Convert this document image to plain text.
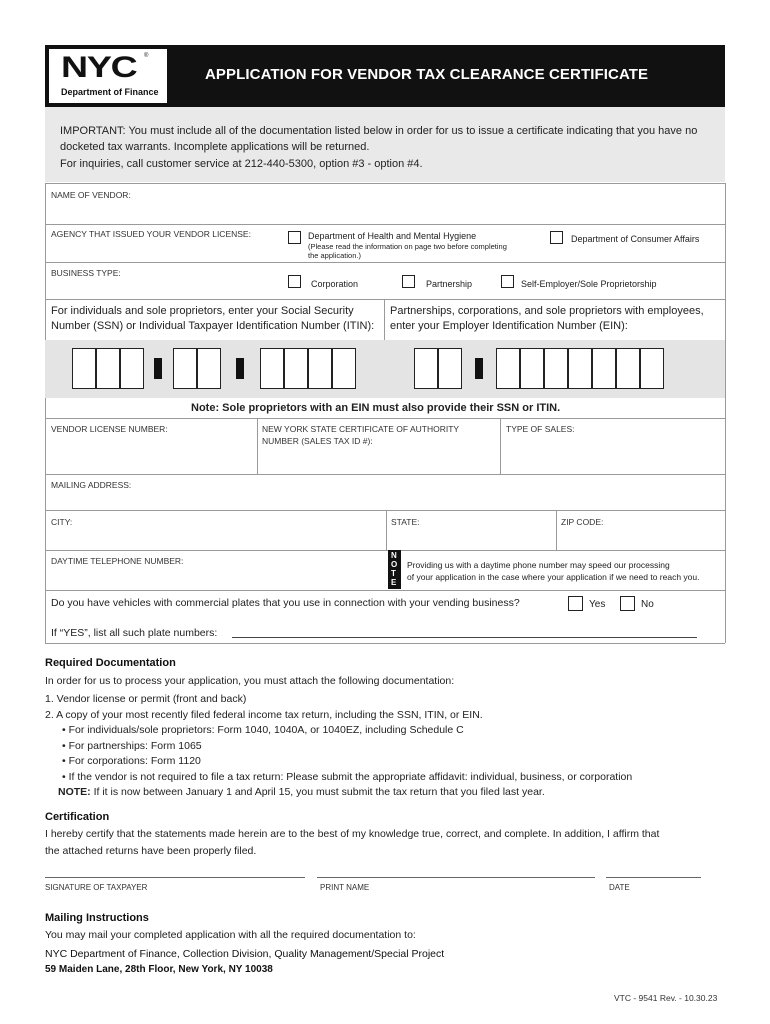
NYC ®
Department of Finance
APPLICATION FOR VENDOR TAX CLEARANCE CERTIFICATE
IMPORTANT: You must include all of the documentation listed below in order for us to issue a certificate indicating that you have no
docketed tax warrants. Incomplete applications will be returned.
For inquiries, call customer service at 212-440-5300, option #3 - option #4.
NAME OF VENDOR:
AGENCY THAT ISSUED YOUR VENDOR LICENSE:	Department of Health and Mental Hygiene
(Please read the information on page two before completing
the application.)
Department of Consumer Affairs
BUSINESS TYPE:
Corporation	Partnership	Self-Employer/Sole Proprietorship
For individuals and sole proprietors, enter your Social Security
Number (SSN) or Individual Taxpayer Identification Number (ITIN):
Partnerships, corporations, and sole proprietors with employees,
enter your Employer Identification Number (EIN):
Note: Sole proprietors with an EIN must also provide their SSN or ITIN.
VENDOR LICENSE NUMBER:	NEW YORK STATE CERTIFICATE OF AUTHORITY
NUMBER (SALES TAX ID #):
TYPE OF SALES:
MAILING ADDRESS:
CITY:	STATE:	ZIP CODE:
DAYTIME TELEPHONE NUMBER:
N
O
T
E
Providing us with a daytime phone number may speed our processing
of your application in the case where your application if we need to reach you.
Do you have vehicles with commercial plates that you use in connection with your vending business?	Yes	No
If “YES”, list all such plate numbers:
Required Documentation
In order for us to process your application, you must attach the following documentation:
1. Vendor license or permit (front and back)
2. A copy of your most recently filed federal income tax return, including the SSN, ITIN, or EIN.
• For individuals/sole proprietors: Form 1040, 1040A, or 1040EZ, including Schedule C
• For partnerships: Form 1065
• For corporations: Form 1120
• If the vendor is not required to file a tax return: Please submit the appropriate affidavit: individual, business, or corporation
NOTE: If it is now between January 1 and April 15, you must submit the tax return that you filed last year.
Certification
I hereby certify that the statements made herein are to the best of my knowledge true, correct, and complete. In addition, I affirm that
the attached returns have been properly filed.
SIGNATURE OF TAXPAYER	PRINT NAME	DATE
Mailing Instructions
You may mail your completed application with all the required documentation to:
NYC Department of Finance, Collection Division, Quality Management/Special Project
59 Maiden Lane, 28th Floor, New York, NY 10038
VTC - 9541 Rev. - 10.30.23
